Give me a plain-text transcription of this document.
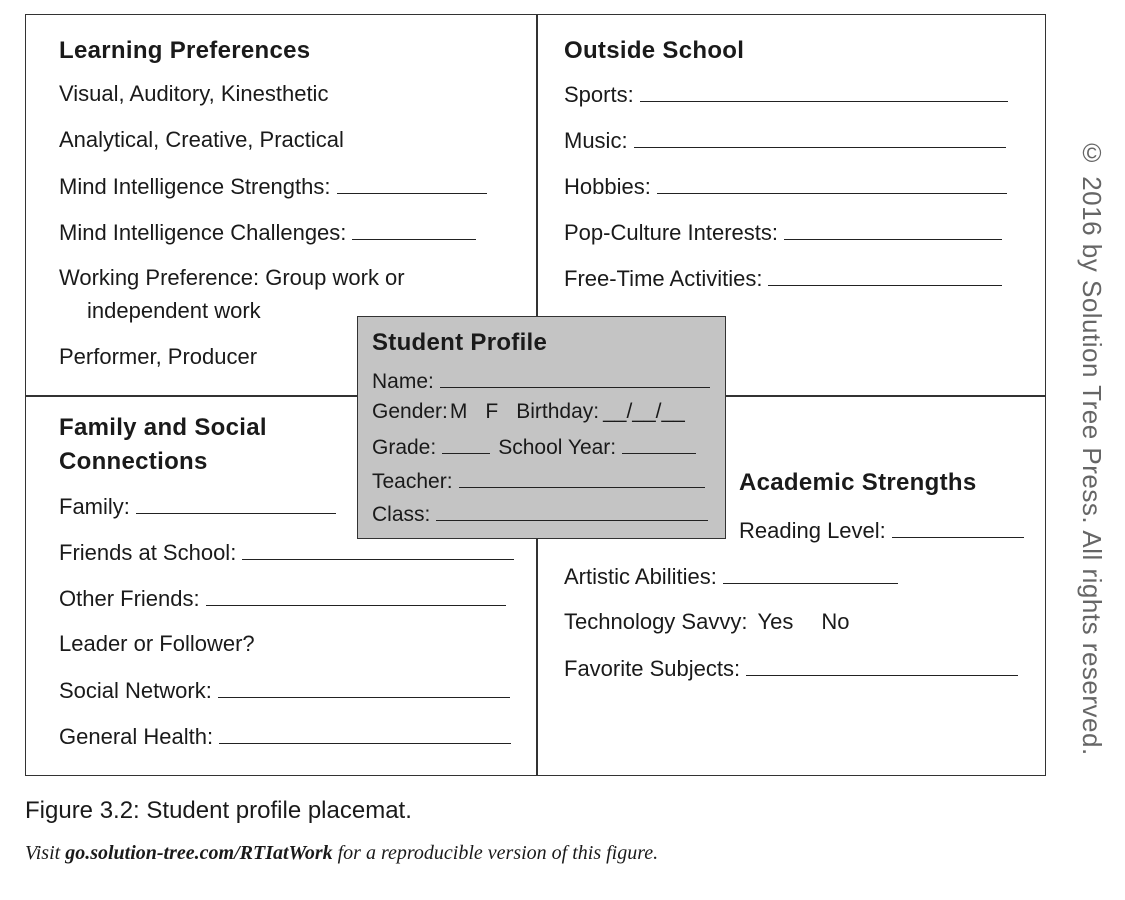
Learning Preferences
Visual, Auditory, Kinesthetic
Analytical, Creative, Practical
Mind Intelligence Strengths:
Mind Intelligence Challenges:
Working Preference: Group work or
independent work
Performer, Producer
Outside School
Sports:
Music:
Hobbies:
Pop-Culture Interests:
Free-Time Activities:
Family and Social
Connections
Family:
Friends at School:
Other Friends:
Leader or Follower?
Social Network:
General Health:
Academic Strengths
Reading Level:
Artistic Abilities:
Technology Savvy: Yes No
Favorite Subjects:
Student Profile
Name:
Gender: M F Birthday: __/__/__
Grade:	School Year:
Teacher:
Class:	© 2016 by Solution Tree Press. All rights reserved.
Figure 3.2: Student profile placemat.
Visit go.solution-tree.com/RTIatWork for a reproducible version of this figure.
